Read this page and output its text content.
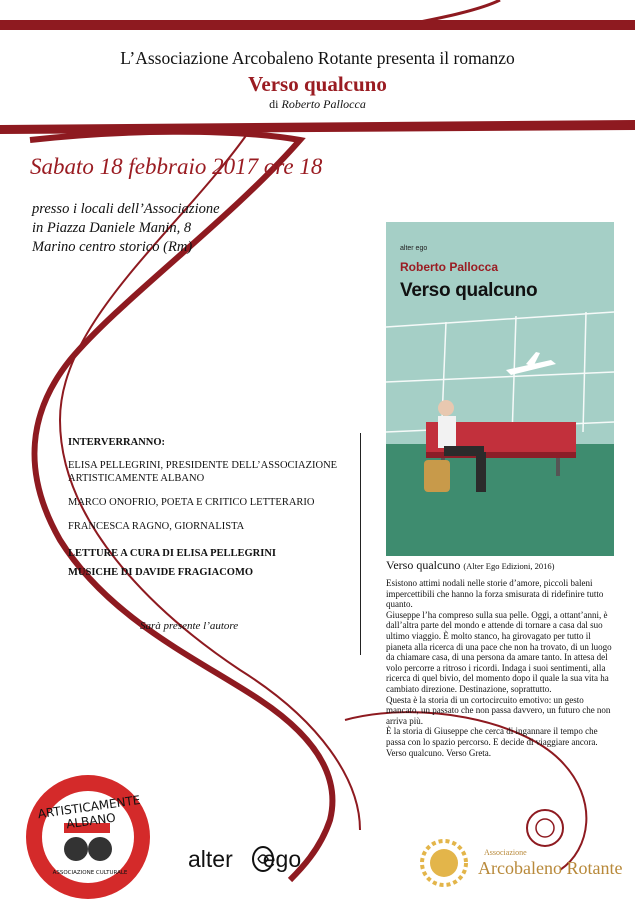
L’Associazione Arcobaleno Rotante presenta il romanzo
Verso qualcuno
di Roberto Pallocca
Sabato 18 febbraio 2017 ore 18
presso i locali dell’Associazione
in Piazza Daniele Manin, 8
Marino centro storico (Rm)
INTERVERRANNO:
ELISA PELLEGRINI, PRESIDENTE DELL’ASSOCIAZIONE ARTISTICAMENTE ALBANO
MARCO ONOFRIO, POETA E CRITICO LETTERARIO
FRANCESCA RAGNO, GIORNALISTA
LETTURE A CURA DI ELISA PELLEGRINI
MUSICHE DI DAVIDE FRAGIACOMO
Sarà presente l’autore
alter ego
Roberto Pallocca
Verso qualcuno
Verso qualcuno (Alter Ego Edizioni, 2016)

Esistono attimi nodali nelle storie d’amore, piccoli baleni impercettibili che hanno la forza smisurata di ridefinire tutto quanto.

Giuseppe l’ha compreso sulla sua pelle. Oggi, a ottant’anni, è dall’altra parte del mondo e attende di tornare a casa dal suo ultimo viaggio. È molto stanco, ha girovagato per tutto il pianeta alla ricerca di una pace che non ha trovato, di un luogo da chiamare casa, di una persona da amare tanto. In attesa del volo percorre a ritroso i ricordi. Indaga i suoi sentimenti, alla ricerca di quel bivio, del momento dopo il quale la sua vita ha cambiato direzione. Destinazione, soprattutto.

Questa è la storia di un cortocircuito emotivo: un gesto mancato, un passato che non passa davvero, un futuro che non arriva più.

È la storia di Giuseppe che cerca di ingannare il tempo che passa con lo spazio percorso. E decide di viaggiare ancora. Verso qualcuno. Verso Greta.

ARTISTICAMENTE ALBANO
ASSOCIAZIONE CULTURALE
alter ego	Associazione
Arcobaleno Rotante
